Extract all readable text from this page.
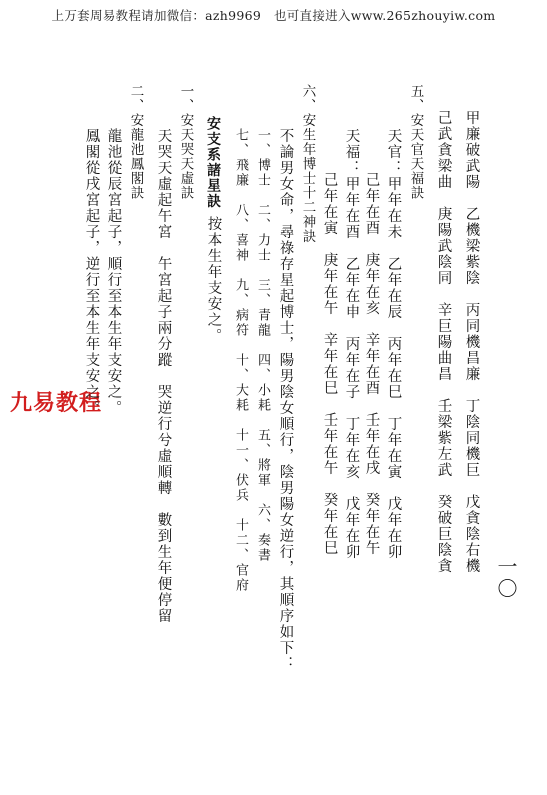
上万套周易教程请加微信：azh9969　也可直接进入www.265zhouyiw.com
九易教程
一〇
甲廉破武陽　乙機梁紫陰　丙同機昌廉　丁陰同機巨　戊貪陰右機
己武貪梁曲　庚陽武陰同　辛巨陽曲昌　壬梁紫左武　癸破巨陰貪
五、安天官天福訣
天官：甲年在未　乙年在辰　丙年在巳　丁年在寅　戊年在卯
己年在酉　庚年在亥　辛年在酉　壬年在戌　癸年在午
天福：甲年在酉　乙年在申　丙年在子　丁年在亥　戊年在卯
己年在寅　庚年在午　辛年在巳　壬年在午　癸年在巳
六、安生年博士十二神訣
不論男女命，尋祿存星起博士，陽男陰女順行，陰男陽女逆行，其順序如下：
一、博士　二、力士　三、青龍　四、小耗　五、將軍　六、奏書
七、飛廉　八、喜神　九、病符　十、大耗　十一、伏兵　十二、官府
安支系諸星訣
按本生年支安之。
一、安天哭天虛訣
天哭天虛起午宮　午宮起子兩分蹤　哭逆行兮虛順轉　數到生年便停留
二、安龍池鳳閣訣
龍池從辰宮起子，順行至本生年支安之。
鳳閣從戌宮起子，逆行至本生年支安之。
